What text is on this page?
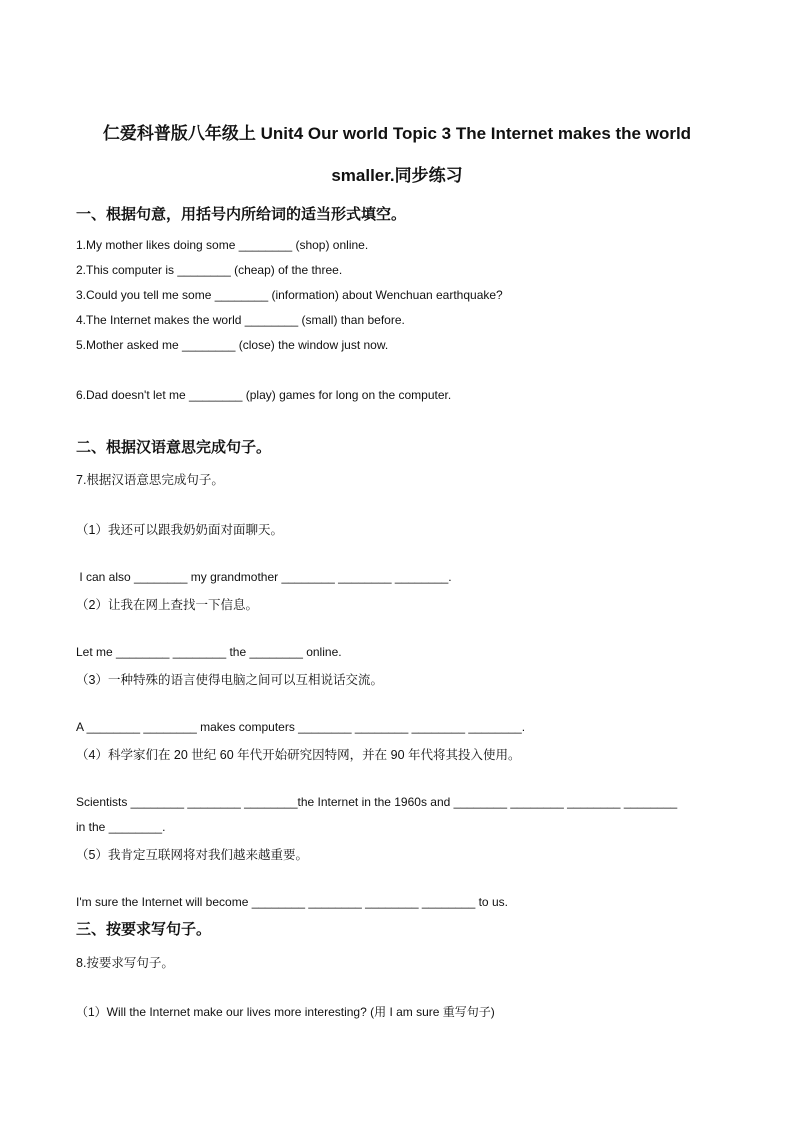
仁爱科普版八年级上 Unit4 Our world Topic 3 The Internet makes the world
smaller.同步练习
一、根据句意，用括号内所给词的适当形式填空。
1.My mother likes doing some ________ (shop) online.
2.This computer is ________ (cheap) of the three.
3.Could you tell me some ________ (information) about Wenchuan earthquake?
4.The Internet makes the world ________ (small) than before.
5.Mother asked me ________ (close) the window just now.
6.Dad doesn't let me ________ (play) games for long on the computer.
二、根据汉语意思完成句子。
7.根据汉语意思完成句子。
（1）我还可以跟我奶奶面对面聊天。
I can also ________ my grandmother ________ ________ ________.
（2）让我在网上查找一下信息。
Let me ________ ________ the ________ online.
（3）一种特殊的语言使得电脑之间可以互相说话交流。
A ________ ________ makes computers ________ ________ ________ ________.
（4）科学家们在 20 世纪 60 年代开始研究因特网，并在 90 年代将其投入使用。
Scientists ________ ________ ________the Internet in the 1960s and ________ ________ ________ ________
in the ________.
（5）我肯定互联网将对我们越来越重要。
I'm sure the Internet will become ________ ________ ________ ________ to us.
三、按要求写句子。
8.按要求写句子。
（1）Will the Internet make our lives more interesting? (用 I am sure 重写句子)
